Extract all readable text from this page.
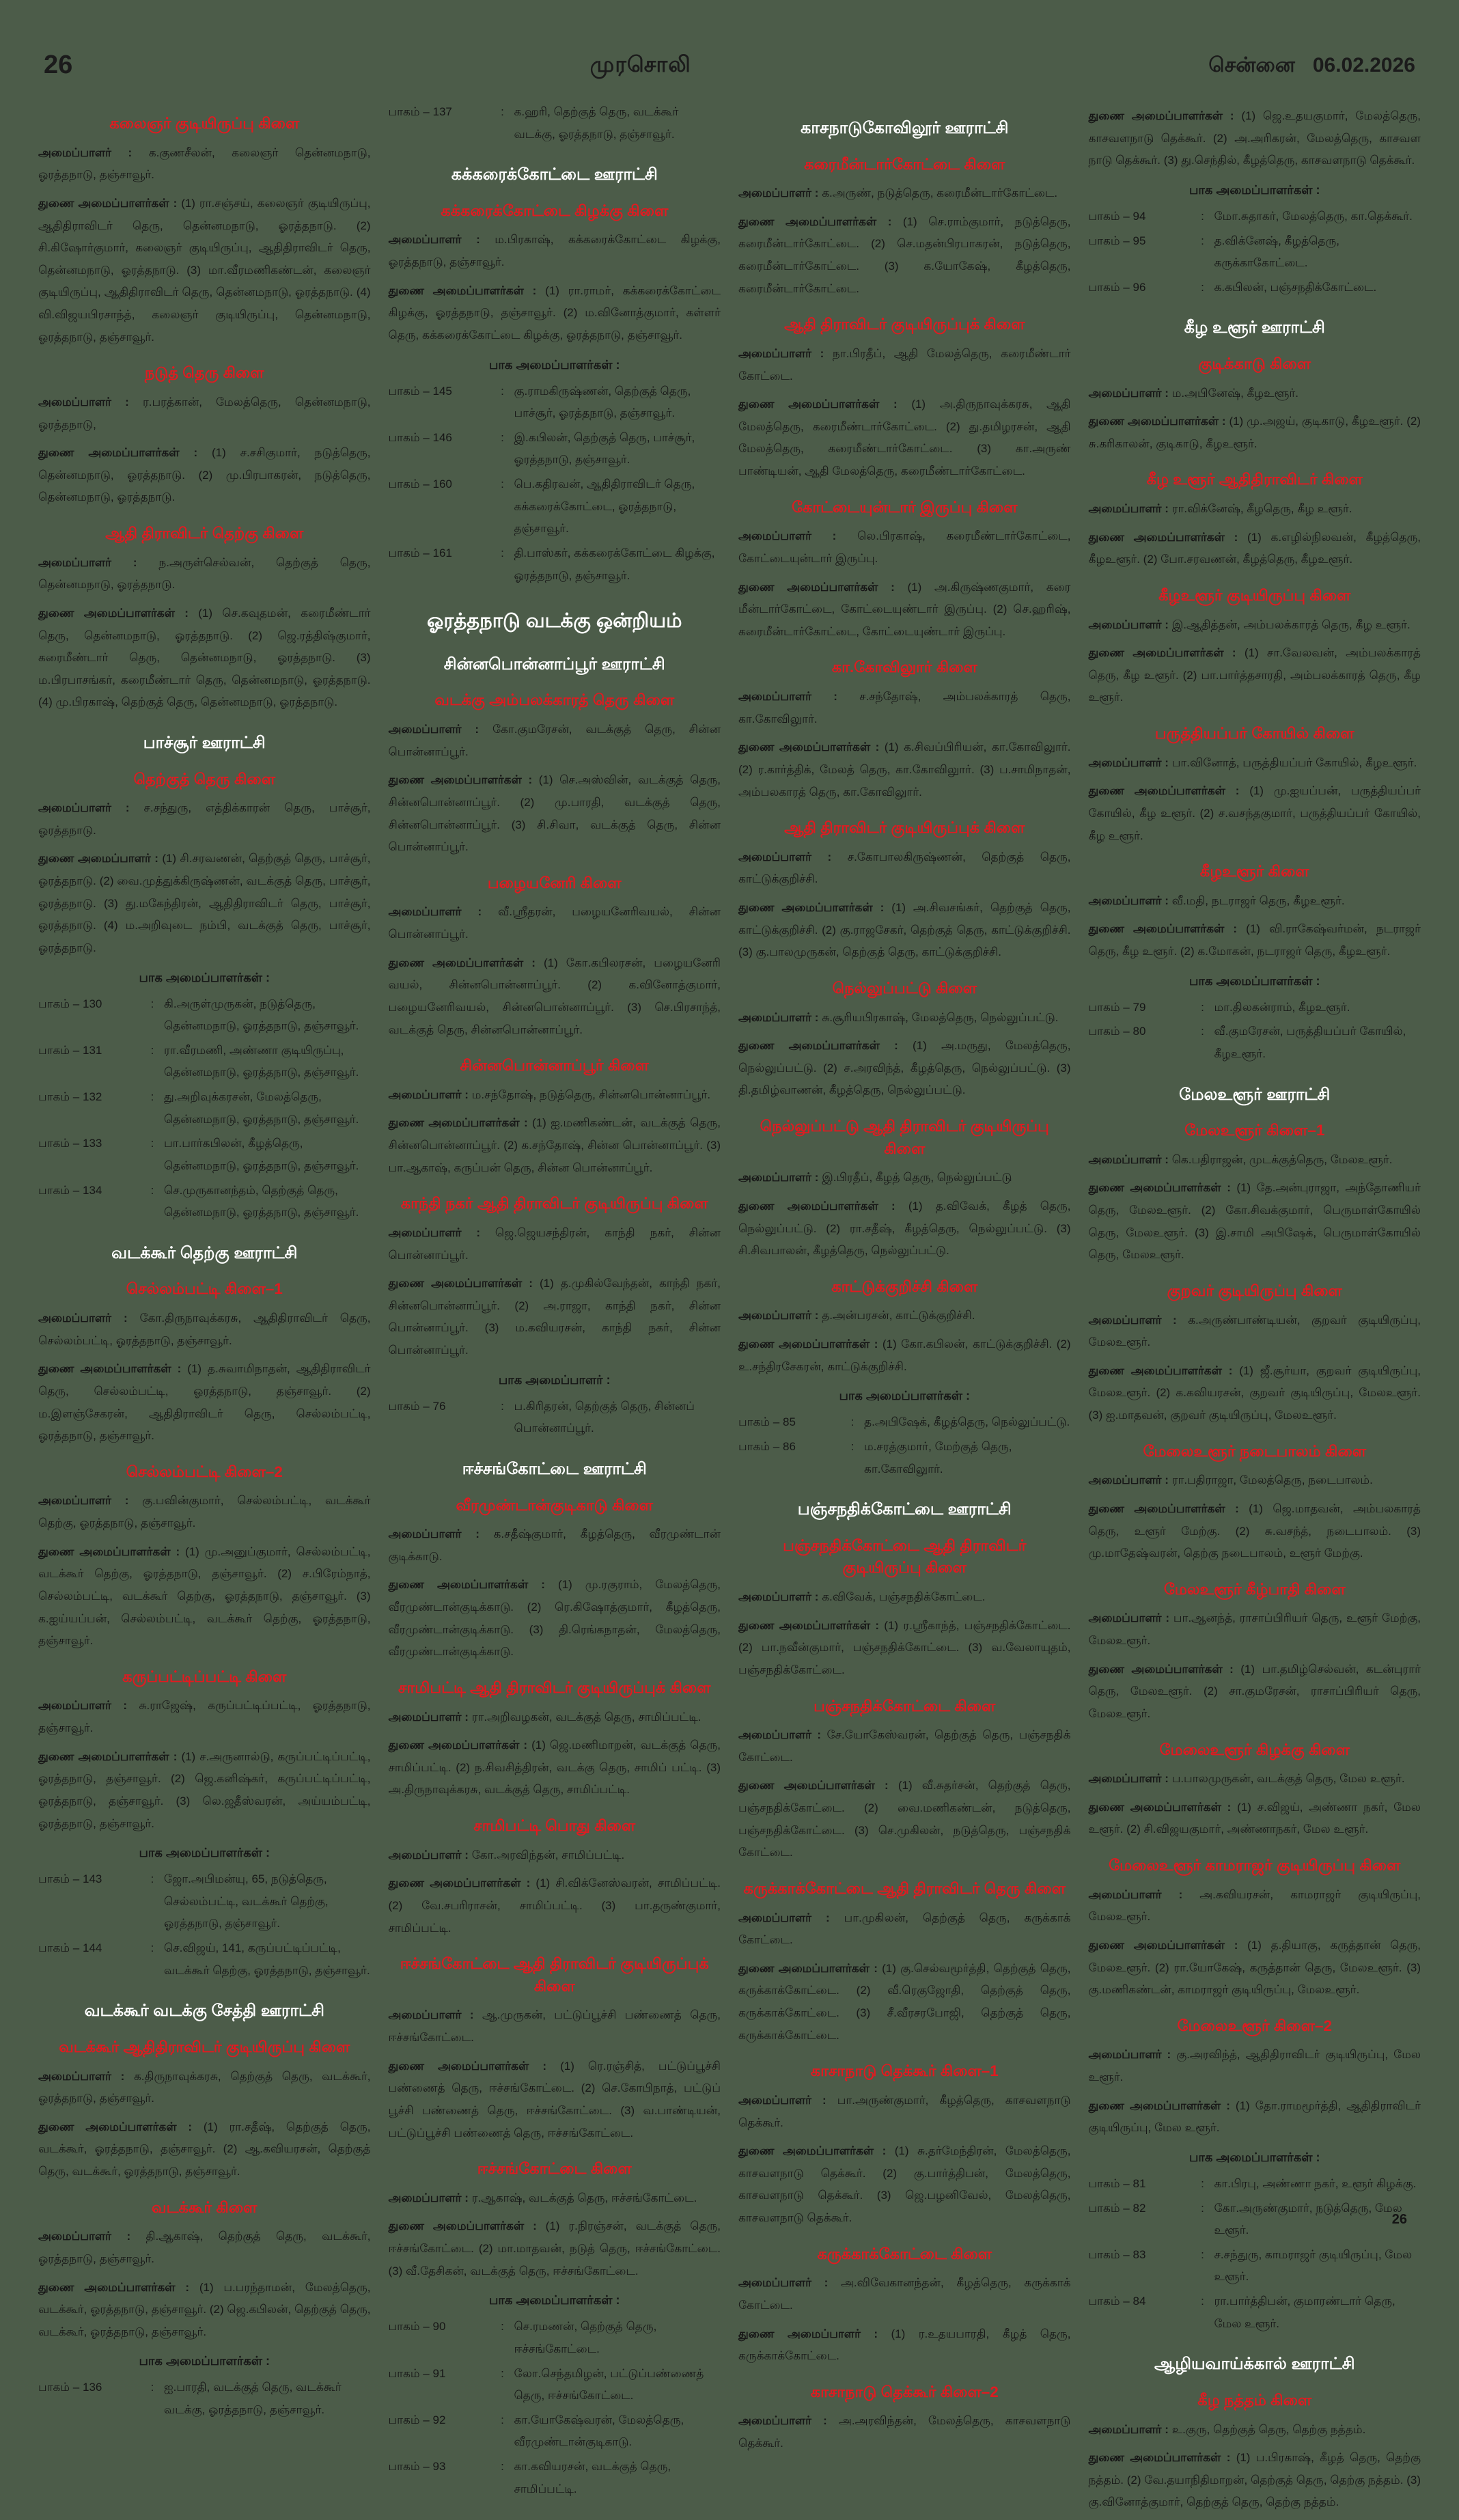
26	முரசொலி	சென்னை 06.02.2026
கலைஞர் குடியிருப்பு கிளை

அமைப்பாளர் : க.குணசீலன், கலைஞர் தென்னமநாடு, ஓரத்தநாடு, தஞ்சாவூர்.

துணை அமைப்பாளர்கள் : (1) ரா.சஞ்சய், கலைஞர் குடியிருப்பு, ஆதிதிராவிடர் தெரு, தென்னமநாடு, ஓரத்தநாடு. (2) சி.கிஷோர்குமார், கலைஞர் குடியிருப்பு, ஆதிதிராவிடர் தெரு, தென்னமநாடு, ஓரத்தநாடு. (3) மா.வீரமணிகண்டன், கலைஞர் குடியிருப்பு, ஆதிதிராவிடர் தெரு, தென்னமநாடு, ஓரத்தநாடு. (4) வி.விஜயபிரசாந்த், கலைஞர் குடியிருப்பு, தென்னமநாடு, ஓரத்தநாடு, தஞ்சாவூர்.

நடுத் தெரு கிளை

அமைப்பாளர் : ர.பரத்கான், மேலத்தெரு, தென்னமநாடு, ஓரத்தநாடு,

துணை அமைப்பாளர்கள் : (1) ச.சசிகுமார், நடுத்தெரு, தென்னமநாடு, ஓரத்தநாடு. (2) மு.பிரபாகரன், நடுத்தெரு, தென்னமநாடு, ஓரத்தநாடு.

ஆதி திராவிடர் தெற்கு கிளை

அமைப்பாளர் : ந.அருள்செல்வன், தெற்குத் தெரு, தென்னமநாடு, ஓரத்தநாடு.

துணை அமைப்பாளர்கள் : (1) செ.கவுதமன், கரைமீண்டார் தெரு, தென்னமநாடு, ஓரத்தநாடு. (2) ஜெ.ரத்திஷ்குமார், கரைமீண்டார் தெரு, தென்னமநாடு, ஓரத்தநாடு. (3) ம.பிரபாசங்கர், கரைமீண்டார் தெரு, தென்னமநாடு, ஓரத்தநாடு. (4) மு.பிரகாஷ், தெற்குத் தெரு, தென்னமநாடு, ஓரத்தநாடு.

பாச்சூர் ஊராட்சி
தெற்குத் தெரு கிளை

அமைப்பாளர் : ச.சந்துரு, எத்திக்காரன் தெரு, பாச்சூர், ஓரத்தநாடு.

துணை அமைப்பாளர் : (1) சி.சரவணன், தெற்குத் தெரு, பாச்சூர், ஓரத்தநாடு. (2) வை.முத்துக்கிருஷ்ணன், வடக்குத் தெரு, பாச்சூர், ஓரத்தநாடு. (3) து.மகேந்திரன், ஆதிதிராவிடர் தெரு, பாச்சூர், ஓரத்தநாடு. (4) ம.அறிவுடை நம்பி, வடக்குத் தெரு, பாச்சூர், ஓரத்தநாடு.

பாக அமைப்பாளர்கள் :
பாகம் – 130	: கி.அருள்முருகன், நடுத்தெரு, தென்னமநாடு, ஓரத்தநாடு, தஞ்சாவூர்.
பாகம் – 131	: ரா.வீரமணி, அண்ணா குடியிருப்பு, தென்னமநாடு, ஓரத்தநாடு, தஞ்சாவூர்.
பாகம் – 132	: து.அறிவுக்கரசன், மேலத்தெரு, தென்னமநாடு, ஓரத்தநாடு, தஞ்சாவூர்.
பாகம் – 133	: பா.பார்கபிலன், கீழத்தெரு, தென்னமநாடு, ஓரத்தநாடு, தஞ்சாவூர்.
பாகம் – 134	: செ.முருகானந்தம், தெற்குத் தெரு, தென்னமநாடு, ஓரத்தநாடு, தஞ்சாவூர்.
வடக்கூர் தெற்கு ஊராட்சி
செல்லம்பட்டி கிளை–1

அமைப்பாளர் : கோ.திருநாவுக்கரசு, ஆதிதிராவிடர் தெரு, செல்லம்பட்டி, ஓரத்தநாடு, தஞ்சாவூர்.

துணை அமைப்பாளர்கள் : (1) த.சுவாமிநாதன், ஆதிதிராவிடர் தெரு, செல்லம்பட்டி, ஓரத்தநாடு, தஞ்சாவூர். (2) ம.இளஞ்சேகரன், ஆதிதிராவிடர் தெரு, செல்லம்பட்டி, ஓரத்தநாடு, தஞ்சாவூர்.

செல்லம்பட்டி கிளை–2

அமைப்பாளர் : கு.பவின்குமார், செல்லம்பட்டி, வடக்கூர் தெற்கு, ஓரத்தநாடு, தஞ்சாவூர்.

துணை அமைப்பாளர்கள் : (1) மு.அனுப்குமார், செல்லம்பட்டி, வடக்கூர் தெற்கு, ஓரத்தநாடு, தஞ்சாவூர். (2) ச.பிரேம்நாத், செல்லம்பட்டி, வடக்கூர் தெற்கு, ஓரத்தநாடு, தஞ்சாவூர். (3) க.ஐய்யப்பன், செல்லம்பட்டி, வடக்கூர் தெற்கு, ஓரத்தநாடு, தஞ்சாவூர்.

கருப்பட்டிப்பட்டி கிளை

அமைப்பாளர் : சு.ராஜேஷ், கருப்பட்டிப்பட்டி, ஓரத்தநாடு, தஞ்சாவூர்.

துணை அமைப்பாளர்கள் : (1) ச.அருனால்டு, கருப்பட்டிப்பட்டி, ஓரத்தநாடு, தஞ்சாவூர். (2) ஜெ.கனிஷ்கர், கருப்பட்டிப்பட்டி, ஓரத்தநாடு, தஞ்சாவூர். (3) லெ.ஜதீஸ்வரன், அய்யம்பட்டி, ஓரத்தநாடு, தஞ்சாவூர்.

பாக அமைப்பாளர்கள் :
பாகம் – 143	: ஜோ.அபிமன்யு, 65, நடுத்தெரு, செல்லம்பட்டி, வடக்கூர் தெற்கு, ஓரத்தநாடு, தஞ்சாவூர்.
பாகம் – 144	: செ.விஜய், 141, கருப்பட்டிப்பட்டி, வடக்கூர் தெற்கு, ஓரத்தநாடு, தஞ்சாவூர்.
வடக்கூர் வடக்கு சேத்தி ஊராட்சி
வடக்கூர் ஆதிதிராவிடர் குடியிருப்பு கிளை

அமைப்பாளர் : க.திருநாவுக்கரசு, தெற்குத் தெரு, வடக்கூர், ஓரத்தநாடு, தஞ்சாவூர்.

துணை அமைப்பாளர்கள் : (1) ரா.சதீஷ், தெற்குத் தெரு, வடக்கூர், ஓரத்தநாடு, தஞ்சாவூர். (2) ஆ.கவியரசன், தெற்குத் தெரு, வடக்கூர், ஓரத்தநாடு, தஞ்சாவூர்.

வடக்கூர் கிளை

அமைப்பாளர் : தி.ஆகாஷ், தெற்குத் தெரு, வடக்கூர், ஓரத்தநாடு, தஞ்சாவூர்.

துணை அமைப்பாளர்கள் : (1) ப.பரந்தாமன், மேலத்தெரு, வடக்கூர், ஓரத்தநாடு, தஞ்சாவூர். (2) ஜெ.கபிலன், தெற்குத் தெரு, வடக்கூர், ஓரத்தநாடு, தஞ்சாவூர்.

பாக அமைப்பாளர்கள் :
பாகம் – 136	: ஐ.பாரதி, வடக்குத் தெரு, வடக்கூர் வடக்கு, ஓரத்தநாடு, தஞ்சாவூர்.
பாகம் – 137	: க.ஹரி, தெற்குத் தெரு, வடக்கூர் வடக்கு, ஓரத்தநாடு, தஞ்சாவூர்.
கக்கரைக்கோட்டை ஊராட்சி
கக்கரைக்கோட்டை கிழக்கு கிளை

அமைப்பாளர் : ம.பிரகாஷ், கக்கரைக்கோட்டை கிழக்கு, ஓரத்தநாடு, தஞ்சாவூர்.

துணை அமைப்பாளர்கள் : (1) ரா.ராமர், கக்கரைக்கோட்டை கிழக்கு, ஓரத்தநாடு, தஞ்சாவூர். (2) ம.வினோத்குமார், கள்ளர் தெரு, கக்கரைக்கோட்டை கிழக்கு, ஓரத்தநாடு, தஞ்சாவூர்.

பாக அமைப்பாளர்கள் :
பாகம் – 145	: கு.ராமகிருஷ்ணன், தெற்குத் தெரு, பாச்சூர், ஓரத்தநாடு, தஞ்சாவூர்.
பாகம் – 146	: இ.கபிலன், தெற்குத் தெரு, பாச்சூர், ஓரத்தநாடு, தஞ்சாவூர்.
பாகம் – 160	: பெ.கதிரவன், ஆதிதிராவிடர் தெரு, கக்கரைக்கோட்டை, ஓரத்தநாடு, தஞ்சாவூர்.
பாகம் – 161	: தி.பாஸ்கர், கக்கரைக்கோட்டை கிழக்கு, ஓரத்தநாடு, தஞ்சாவூர்.
ஓரத்தநாடு வடக்கு ஒன்றியம்
சின்னபொன்னாப்பூர் ஊராட்சி
வடக்கு அம்பலக்காரத் தெரு கிளை

அமைப்பாளர் : கோ.குமரேசன், வடக்குத் தெரு, சின்ன பொன்னாப்பூர்.

துணை அமைப்பாளர்கள் : (1) செ.அஸ்வின், வடக்குத் தெரு, சின்னபொன்னாப்பூர். (2) மு.பாரதி, வடக்குத் தெரு, சின்னபொன்னாப்பூர். (3) சி.சிவா, வடக்குத் தெரு, சின்ன பொன்னாப்பூர்.

பழையனேரி கிளை

அமைப்பாளர் : வீ.ஸ்ரீதரன், பழையனேரிவயல், சின்ன பொன்னாப்பூர்.

துணை அமைப்பாளர்கள் : (1) கோ.கபிலரசன், பழையனேரி வயல், சின்னபொன்னாப்பூர். (2) க.வினோத்குமார், பழையனேரிவயல், சின்னபொன்னாப்பூர். (3) செ.பிரசாந்த், வடக்குத் தெரு, சின்னபொன்னாப்பூர்.

சின்னபொன்னாப்பூர் கிளை

அமைப்பாளர் : ம.சந்தோஷ், நடுத்தெரு, சின்னபொன்னாப்பூர்.

துணை அமைப்பாளர்கள் : (1) ஐ.மணிகண்டன், வடக்குத் தெரு, சின்னபொன்னாப்பூர். (2) க.சந்தோஷ், சின்ன பொன்னாப்பூர். (3) பா.ஆகாஷ், கருப்பன் தெரு, சின்ன பொன்னாப்பூர்.

காந்தி நகர் ஆதி திராவிடர் குடியிருப்பு கிளை

அமைப்பாளர் : ஜெ.ஜெயசந்திரன், காந்தி நகர், சின்ன பொன்னாப்பூர்.

துணை அமைப்பாளர்கள் : (1) த.முகில்வேந்தன், காந்தி நகர், சின்னபொன்னாப்பூர். (2) அ.ராஜா, காந்தி நகர், சின்ன பொன்னாப்பூர். (3) ம.கவியரசன், காந்தி நகர், சின்ன பொன்னாப்பூர்.

பாக அமைப்பாளர் :
பாகம் – 76	: ப.கிரிதரன், தெற்குத் தெரு, சின்னப் பொன்னாப்பூர்.
ஈச்சங்கோட்டை ஊராட்சி
வீரமுண்டான்குடிகாடு கிளை

அமைப்பாளர் : க.சதீஷ்குமார், கீழத்தெரு, வீரமுண்டான் குடிக்காடு.

துணை அமைப்பாளர்கள் : (1) மு.ரகுராம், மேலத்தெரு, வீரமுண்டான்குடிக்காடு. (2) ரெ.கிஷோத்குமார், கீழத்தெரு, வீரமுண்டான்குடிக்காடு. (3) தி.ரெங்கநாதன், மேலத்தெரு, வீரமுண்டான்குடிக்காடு.

சாமிபட்டி ஆதி திராவிடர் குடியிருப்புக் கிளை

அமைப்பாளர் : ரா.அறிவழகன், வடக்குத் தெரு, சாமிப்பட்டி.

துணை அமைப்பாளர்கள் : (1) ஜெ.மணிமாறன், வடக்குத் தெரு, சாமிப்பட்டி. (2) ந.சிவசித்திரன், வடக்கு தெரு, சாமிப் பட்டி. (3) அ.திருநாவுக்கரசு, வடக்குத் தெரு, சாமிப்பட்டி.

சாமிபட்டி பொது கிளை

அமைப்பாளர் : கோ.அரவிந்தன், சாமிப்பட்டி.

துணை அமைப்பாளர்கள் : (1) சி.விக்னேஸ்வரன், சாமிப்பட்டி. (2) வே.சபரிராசன், சாமிப்பட்டி. (3) பா.தருண்குமார், சாமிப்பட்டி.

ஈச்சங்கோட்டை ஆதி திராவிடர் குடியிருப்புக் கிளை

அமைப்பாளர் : ஆ.முருகன், பட்டுப்பூச்சி பண்ணைத் தெரு, ஈச்சங்கோட்டை.

துணை அமைப்பாளர்கள் : (1) ரெ.ரஞ்சித், பட்டுப்பூச்சி பண்ணைத் தெரு, ஈச்சங்கோட்டை. (2) செ.கோபிநாத், பட்டுப் பூச்சி பண்ணைத் தெரு, ஈச்சங்கோட்டை. (3) வ.பாண்டியன், பட்டுப்பூச்சி பண்ணைத் தெரு, ஈச்சங்கோட்டை.

ஈச்சங்கோட்டை கிளை

அமைப்பாளர் : ர.ஆகாஷ், வடக்குத் தெரு, ஈச்சங்கோட்டை.

துணை அமைப்பாளர்கள் : (1) ர.நிரஞ்சன், வடக்குத் தெரு, ஈச்சங்கோட்டை. (2) மா.மாதவன், நடுத் தெரு, ஈச்சங்கோட்டை. (3) வீ.தேசிகன், வடக்குத் தெரு, ஈச்சங்கோட்டை.

பாக அமைப்பாளர்கள் :
பாகம் – 90	: செ.ரமணன், தெற்குத் தெரு, ஈச்சங்கோட்டை.
பாகம் – 91	: லோ.செந்தமிழன், பட்டுப்பண்ணைத் தெரு, ஈச்சங்கோட்டை.
பாகம் – 92	: கா.யோகேஷ்வரன், மேலத்தெரு, வீரமுண்டான்குடிகாடு.
பாகம் – 93	: கா.கவியரசன், வடக்குத் தெரு, சாமிப்பட்டி.
காசநாடுகோவிலூர் ஊராட்சி
கரைமீன்டார்கோட்டை கிளை

அமைப்பாளர் : க.அருண், நடுத்தெரு, கரைமீன்டார்கோட்டை.

துணை அமைப்பாளர்கள் : (1) செ.ராம்குமார், நடுத்தெரு, கரைமீன்டார்கோட்டை. (2) செ.மதன்பிரபாகரன், நடுத்தெரு, கரைமீன்டார்கோட்டை. (3) க.யோகேஷ், கீழத்தெரு, கரைமீன்டார்கோட்டை.

ஆதி திராவிடர் குடியிருப்புக் கிளை

அமைப்பாளர் : நா.பிரதீப், ஆதி மேலத்தெரு, கரைமீண்டார் கோட்டை.

துணை அமைப்பாளர்கள் : (1) அ.திருநாவுக்கரசு, ஆதி மேலத்தெரு, கரைமீண்டார்கோட்டை. (2) து.தமிழரசன், ஆதி மேலத்தெரு, கரைமீண்டார்கோட்டை. (3) கா.அருண் பாண்டியன், ஆதி மேலத்தெரு, கரைமீண்டார்கோட்டை.

கோட்டையுன்டார் இருப்பு கிளை

அமைப்பாளர் : லெ.பிரகாஷ், கரைமீண்டார்கோட்டை, கோட்டையுன்டார் இருப்பு.

துணை அமைப்பாளர்கள் : (1) அ.கிருஷ்ணகுமார், கரை மீன்டார்கோட்டை, கோட்டையுண்டார் இருப்பு. (2) செ.ஹரிஷ், கரைமீன்டார்கோட்டை, கோட்டையுண்டார் இருப்பு.

கா.கோவிலுார் கிளை

அமைப்பாளர் : ச.சந்தோஷ், அம்பலக்காரத் தெரு, கா.கோவிலுார்.

துணை அமைப்பாளர்கள் : (1) க.சிவப்பிரியன், கா.கோவிலுார். (2) ர.கார்த்திக், மேலத் தெரு, கா.கோவிலுார். (3) ப.சாமிநாதன், அம்பலகாரத் தெரு, கா.கோவிலுார்.

ஆதி திராவிடர் குடியிருப்புக் கிளை

அமைப்பாளர் : ச.கோபாலகிருஷ்ணன், தெற்குத் தெரு, காட்டுக்குறிச்சி.

துணை அமைப்பாளர்கள் : (1) அ.சிவசங்கர், தெற்குத் தெரு, காட்டுக்குறிச்சி. (2) கு.ராஜசேகர், தெற்குத் தெரு, காட்டுக்குறிச்சி. (3) கு.பாலமுருகன், தெற்குத் தெரு, காட்டுக்குறிச்சி.

நெல்லுப்பட்டு கிளை

அமைப்பாளர் : சு.சூரியபிரகாஷ், மேலத்தெரு, நெல்லுப்பட்டு.

துணை அமைப்பாளர்கள் : (1) அ.மருது, மேலத்தெரு, நெல்லுப்பட்டு. (2) ச.அரவிந்த், கீழத்தெரு, நெல்லுப்பட்டு. (3) தி.தமிழ்வாணன், கீழத்தெரு, நெல்லுப்பட்டு.

நெல்லுப்பட்டு ஆதி திராவிடர் குடியிருப்பு கிளை

அமைப்பாளர் : இ.பிரதீப், கீழத் தெரு, நெல்லுப்பட்டு

துணை அமைப்பாளர்கள் : (1) த.விவேக், கீழத் தெரு, நெல்லுப்பட்டு. (2) ரா.சதீஷ், கீழத்தெரு, நெல்லுப்பட்டு. (3) சி.சிவபாலன், கீழத்தெரு, நெல்லுப்பட்டு.

காட்டுக்குறிச்சி கிளை

அமைப்பாளர் : த.அன்பரசன், காட்டுக்குறிச்சி.

துணை அமைப்பாளர்கள் : (1) கோ.கபிலன், காட்டுக்குறிச்சி. (2) உ.சந்திரசேகரன், காட்டுக்குறிச்சி.

பாக அமைப்பாளர்கள் :
பாகம் – 85	: த.அபிஷேக், கீழத்தெரு, நெல்லுப்பட்டு.
பாகம் – 86	: ம.சரத்குமார், மேற்குத் தெரு, கா.கோவிலுார்.
பஞ்சநதிக்கோட்டை ஊராட்சி
பஞ்சநதிக்கோட்டை ஆதி திராவிடர் குடியிருப்பு கிளை

அமைப்பாளர் : க.விவேக், பஞ்சநதிக்கோட்டை.

துணை அமைப்பாளர்கள் : (1) ர.ஸ்ரீகாந்த், பஞ்சநதிக்கோட்டை. (2) பா.நவீன்குமார், பஞ்சநதிக்கோட்டை. (3) வ.வேலாயுதம், பஞ்சநதிக்கோட்டை.

பஞ்சநதிக்கோட்டை கிளை

அமைப்பாளர் : சே.யோகேஸ்வரன், தெற்குத் தெரு, பஞ்சநதிக் கோட்டை.

துணை அமைப்பாளர்கள் : (1) வீ.சுதர்சன், தெற்குத் தெரு, பஞ்சநதிக்கோட்டை. (2) வை.மணிகண்டன், நடுத்தெரு, பஞ்சநதிக்கோட்டை. (3) செ.முகிலன், நடுத்தெரு, பஞ்சநதிக் கோட்டை.

கருக்காக்கோட்டை ஆதி திராவிடர் தெரு கிளை

அமைப்பாளர் : பா.முகிலன், தெற்குத் தெரு, கருக்காக் கோட்டை.

துணை அமைப்பாளர்கள் : (1) கு.செல்வமூர்த்தி, தெற்குத் தெரு, கருக்காக்கோட்டை. (2) வீ.ரெகுஜோதி, தெற்குத் தெரு, கருக்காக்கோட்டை. (3) சீ.வீரசரபோஜி, தெற்குத் தெரு, கருக்காக்கோட்டை.

காசாநாடு தெக்கூர் கிளை–1

அமைப்பாளர் : பா.அருண்குமார், கீழத்தெரு, காசவளநாடு தெக்கூர்.

துணை அமைப்பாளர்கள் : (1) சு.தர்மேந்திரன், மேலத்தெரு, காசவளநாடு தெக்கூர். (2) கு.பார்த்திபன், மேலத்தெரு, காசவளநாடு தெக்கூர். (3) ஜெ.பழனிவேல், மேலத்தெரு, காசவளநாடு தெக்கூர்.

கருக்காக்கோட்டை கிளை

அமைப்பாளர் : அ.விவேகானந்தன், கீழத்தெரு, கருக்காக் கோட்டை.

துணை அமைப்பாளர் : (1) ர.உதயபாரதி, கீழத் தெரு, கருக்காக்கோட்டை.

காசாநாடு தெக்கூர் கிளை–2

அமைப்பாளர் : அ.அரவிந்தன், மேலத்தெரு, காசவளநாடு தெக்கூர்.

துணை அமைப்பாளர்கள் : (1) ஜெ.உதயகுமார், மேலத்தெரு, காசவளநாடு தெக்கூர். (2) அ.அரிகரன், மேலத்தெரு, காசவள நாடு தெக்கூர். (3) து.செந்தில், கீழத்தெரு, காசவளநாடு தெக்கூர்.

பாக அமைப்பாளர்கள் :
பாகம் – 94	: மோ.சுதாகர், மேலத்தெரு, கா.தெக்கூர்.
பாகம் – 95	: த.விக்னேஷ், கீழத்தெரு, கருக்காகோட்டை.
பாகம் – 96	: க.கபிலன், பஞ்சநதிக்கோட்டை.
கீழ உளூர் ஊராட்சி
குடிக்காடு கிளை

அமைப்பாளர் : ம.அபினேஷ், கீழஉளூர்.

துணை அமைப்பாளர்கள் : (1) மு.அஜய், குடிகாடு, கீழஉளூர். (2) சு.கரிகாலன், குடிகாடு, கீழஉளூர்.

கீழ உளூர் ஆதிதிராவிடர் கிளை

அமைப்பாளர் : ரா.விக்னேஷ், கீழதெரு, கீழ உளூர்.

துணை அமைப்பாளர்கள் : (1) க.எழில்நிலவன், கீழத்தெரு, கீழஉளூர். (2) போ.சரவணன், கீழத்தெரு, கீழஉளூர்.

கீழஉளூர் குடியிருப்பு கிளை

அமைப்பாளர் : இ.ஆதித்தன், அம்பலக்காரத் தெரு, கீழ உளூர்.

துணை அமைப்பாளர்கள் : (1) சா.வேலவன், அம்பலக்காரத் தெரு, கீழ உளூர். (2) பா.பார்த்தசாரதி, அம்பலக்காரத் தெரு, கீழ உளூர்.

பருத்தியப்பர் கோயில் கிளை

அமைப்பாளர் : பா.வினோத், பருத்தியப்பர் கோயில், கீழஉளூர்.

துணை அமைப்பாளர்கள் : (1) மு.ஐயப்பன், பருத்தியப்பர் கோயில், கீழ உளூர். (2) ச.வசந்தகுமார், பருத்தியப்பர் கோயில், கீழ உளூர்.

கீழஉளூர் கிளை

அமைப்பாளர் : வீ.மதி, நடராஜர் தெரு, கீழஉளூர்.

துணை அமைப்பாளர்கள் : (1) வி.ராகேஷ்வர்மன், நடராஜர் தெரு, கீழ உளூர். (2) க.மோகன், நடராஜர் தெரு, கீழஉளூர்.

பாக அமைப்பாளர்கள் :
பாகம் – 79	: மா.திலகன்ராம், கீழஉளூர்.
பாகம் – 80	: வீ.குமரேசன், பருத்தியப்பர் கோயில், கீழஉளூர்.
மேலஉளூர் ஊராட்சி
மேலஉளூர் கிளை–1

அமைப்பாளர் : கெ.பதிராஜன், முடக்குத்தெரு, மேலஉளூர்.

துணை அமைப்பாளர்கள் : (1) தே.அன்புராஜா, அந்தோணியர் தெரு, மேலஉளூர். (2) கோ.சிவக்குமார், பெருமாள்கோயில் தெரு, மேலஉளூர். (3) இ.சாமி அபிஷேக், பெருமாள்கோயில் தெரு, மேலஉளூர்.

குறவர் குடியிருப்பு கிளை

அமைப்பாளர் : க.அருண்பாண்டியன், குறவர் குடியிருப்பு, மேலஉளூர்.

துணை அமைப்பாளர்கள் : (1) ஜீ.சூர்யா, குறவர் குடியிருப்பு, மேலஉளூர். (2) க.கவியரசன், குறவர் குடியிருப்பு, மேலஉளூர். (3) ஐ.மாதவன், குறவர் குடியிருப்பு, மேலஉளூர்.

மேலைஉளூர் நடைபாலம் கிளை

அமைப்பாளர் : ரா.பதிராஜா, மேலத்தெரு, நடைபாலம்.

துணை அமைப்பாளர்கள் : (1) ஜெ.மாதவன், அம்பலகாரத் தெரு, உளூர் மேற்கு. (2) சு.வசந்த், நடைபாலம். (3) மு.மாதேஷ்வரன், தெற்கு நடைபாலம், உளூர் மேற்கு.

மேலஉளூர் கீழ்பாதி கிளை

அமைப்பாளர் : பா.ஆனந்த், ராசாப்பிரியர் தெரு, உளூர் மேற்கு, மேலஉளூர்.

துணை அமைப்பாளர்கள் : (1) பா.தமிழ்செல்வன், கடன்புரார் தெரு, மேலஉளூர். (2) சா.குமரேசன், ராசாப்பிரியர் தெரு, மேலஉளூர்.

மேலைஉளூர் கிழக்கு கிளை

அமைப்பாளர் : ப.பாலமுருகன், வடக்குத் தெரு, மேல உளூர்.

துணை அமைப்பாளர்கள் : (1) ச.விஜய், அண்ணா நகர், மேல உளூர். (2) சி.விஜயகுமார், அண்ணாநகர், மேல உளூர்.

மேலைஉளூர் காமராஜர் குடியிருப்பு கிளை

அமைப்பாளர் : அ.கவியரசன், காமராஜர் குடியிருப்பு, மேலஉளூர்.

துணை அமைப்பாளர்கள் : (1) த.தியாகு, கருத்தான் தெரு, மேலஉளூர். (2) ரா.யோகேஷ், கருத்தான் தெரு, மேலஉளூர். (3) கு.மணிகண்டன், காமராஜர் குடியிருப்பு, மேலஉளூர்.

மேலைஉளூர் கிளை–2

அமைப்பாளர் : கு.அரவிந்த், ஆதிதிராவிடர் குடியிருப்பு, மேல உளூர்.

துணை அமைப்பாளர்கள் : (1) தோ.ராமமூர்த்தி, ஆதிதிராவிடர் குடியிருப்பு, மேல உளூர்.

பாக அமைப்பாளர்கள் :
பாகம் – 81	: கா.பிரபு, அண்ணா நகர், உளூர் கிழக்கு.
பாகம் – 82	: கோ.அருண்குமார், நடுத்தெரு, மேல உளூர்.
பாகம் – 83	: ச.சந்துரு, காமராஜர் குடியிருப்பு, மேல உளூர்.
பாகம் – 84	: ரா.பார்த்திபன், குமாரண்டார் தெரு, மேல உளூர்.
ஆழியவாய்க்கால் ஊராட்சி
கீழ நத்தம் கிளை

அமைப்பாளர் : உ.குரு, தெற்குத் தெரு, தெற்கு நத்தம்.

துணை அமைப்பாளர்கள் : (1) ப.பிரகாஷ், கீழத் தெரு, தெற்கு நத்தம். (2) வே.தயாநிதிமாறன், தெற்குத் தெரு, தெற்கு நத்தம். (3) கு.வினோத்குமார், தெற்குத் தெரு, தெற்கு நத்தம்.

26
